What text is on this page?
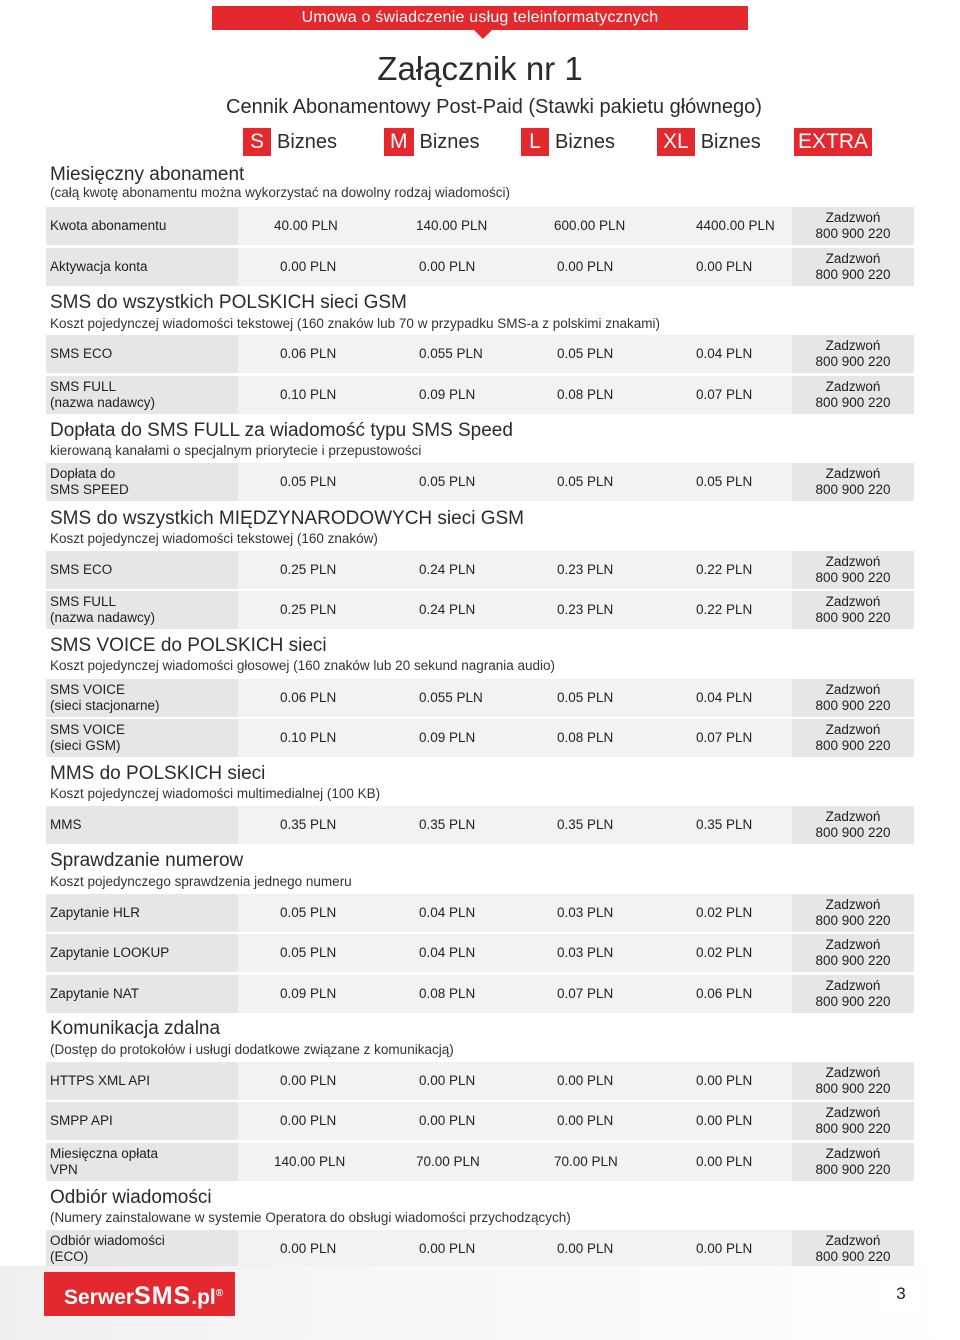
Umowa o świadczenie usług teleinformatycznych
Załącznik nr 1
Cennik Abonamentowy Post-Paid (Stawki pakietu głównego)
S Biznes	M Biznes	L Biznes XL Biznes EXTRA
Miesięczny abonament
(całą kwotę abonamentu można wykorzystać na dowolny rodzaj wiadomości)
SMS do wszystkich POLSKICH sieci GSM
Koszt pojedynczej wiadomości tekstowej (160 znaków lub 70 w przypadku SMS-a z polskimi znakami)
Dopłata do SMS FULL za wiadomość typu SMS Speed
kierowaną kanałami o specjalnym priorytecie i przepustowości
SMS do wszystkich MIĘDZYNARODOWYCH sieci GSM
Koszt pojedynczej wiadomości tekstowej (160 znaków)
SMS VOICE do POLSKICH sieci
Koszt pojedynczej wiadomości głosowej (160 znaków lub 20 sekund nagrania audio)
MMS do POLSKICH sieci
Koszt pojedynczej wiadomości multimedialnej (100 KB)
Sprawdzanie numerow
Koszt pojedynczego sprawdzenia jednego numeru
Komunikacja zdalna
(Dostęp do protokołów i usługi dodatkowe związane z komunikacją)
Odbiór wiadomości
(Numery zainstalowane w systemie Operatora do obsługi wiadomości przychodzących)
Kwota abonamentu	40.00 PLN	140.00 PLN	600.00 PLN	4400.00 PLN
Zadzwoń
800 900 220
Aktywacja konta	0.00 PLN	0.00 PLN	0.00 PLN	0.00 PLN
Zadzwoń
800 900 220
SMS ECO	0.06 PLN	0.055 PLN	0.05 PLN	0.04 PLN
Zadzwoń
800 900 220
SMS FULL
(nazwa nadawcy)
0.10 PLN	0.09 PLN	0.08 PLN	0.07 PLN
Zadzwoń
800 900 220
Dopłata do
SMS SPEED
0.05 PLN	0.05 PLN	0.05 PLN	0.05 PLN
Zadzwoń
800 900 220
SMS ECO	0.25 PLN	0.24 PLN	0.23 PLN	0.22 PLN
Zadzwoń
800 900 220
SMS FULL
(nazwa nadawcy)
0.25 PLN	0.24 PLN	0.23 PLN	0.22 PLN
Zadzwoń
800 900 220
SMS VOICE
(sieci stacjonarne)
0.06 PLN	0.055 PLN	0.05 PLN	0.04 PLN
Zadzwoń
800 900 220
SMS VOICE
(sieci GSM)
0.10 PLN	0.09 PLN	0.08 PLN	0.07 PLN
Zadzwoń
800 900 220
MMS	0.35 PLN	0.35 PLN	0.35 PLN	0.35 PLN
Zadzwoń
800 900 220
Zapytanie HLR	0.05 PLN	0.04 PLN	0.03 PLN	0.02 PLN
Zadzwoń
800 900 220
Zapytanie LOOKUP	0.05 PLN	0.04 PLN	0.03 PLN	0.02 PLN
Zadzwoń
800 900 220
Zapytanie NAT	0.09 PLN	0.08 PLN	0.07 PLN	0.06 PLN
Zadzwoń
800 900 220
HTTPS XML API	0.00 PLN	0.00 PLN	0.00 PLN	0.00 PLN
Zadzwoń
800 900 220
SMPP API	0.00 PLN	0.00 PLN	0.00 PLN	0.00 PLN
Zadzwoń
800 900 220
Miesięczna opłata
VPN
140.00 PLN	70.00 PLN	70.00 PLN	0.00 PLN
Zadzwoń
800 900 220
Odbiór wiadomości
(ECO)
0.00 PLN	0.00 PLN	0.00 PLN	0.00 PLN
Zadzwoń
800 900 220
SerwerSMS.pl®	3
